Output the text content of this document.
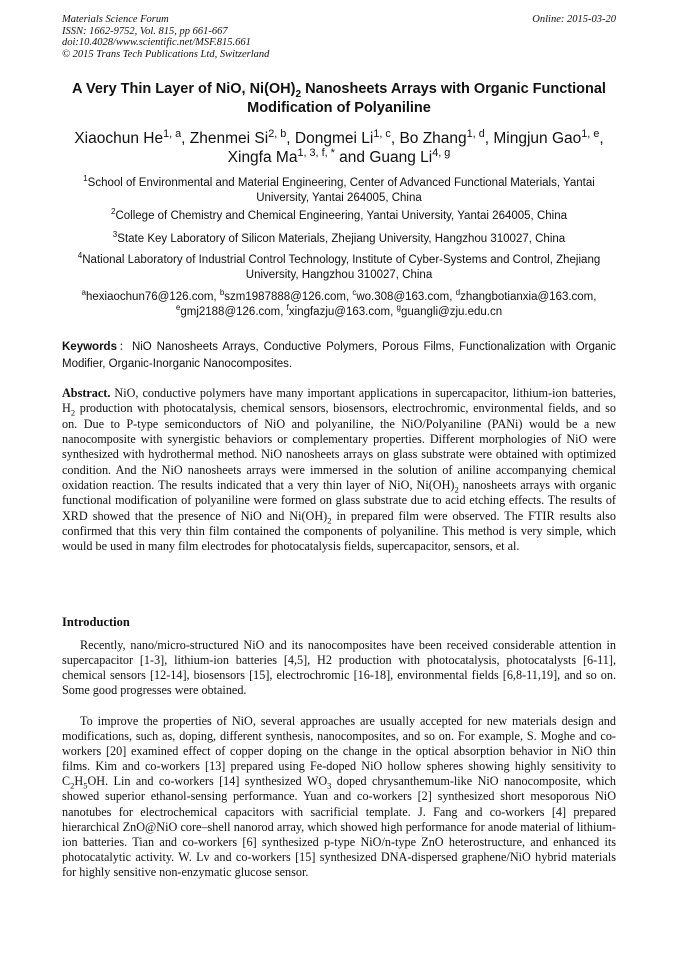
Materials Science Forum
ISSN: 1662-9752, Vol. 815, pp 661-667
doi:10.4028/www.scientific.net/MSF.815.661
© 2015 Trans Tech Publications Ltd, Switzerland
Online: 2015-03-20
A Very Thin Layer of NiO, $Ni(OH)_2$ Nanosheets Arrays with Organic Functional Modification of Polyaniline
Xiaochun He$^{1, a}$, Zhenmei Si$^{2, b}$, Dongmei Li$^{1, c}$, Bo Zhang$^{1, d}$, Mingjun Gao$^{1, e}$, Xingfa $Ma^{1, 3, f, *}$ and Guang Li$^{4, g}$
$^1$School of Environmental and Material Engineering, Center of Advanced Functional Materials, Yantai University, Yantai 264005, China
$^2$College of Chemistry and Chemical Engineering, Yantai University, Yantai 264005, China
$^3$State Key Laboratory of Silicon Materials, Zhejiang University, Hangzhou 310027, China
$^4$National Laboratory of Industrial Control Technology, Institute of Cyber-Systems and Control, Zhejiang University, Hangzhou 310027, China
$^a$hexiaochun76@126.com, $^b$szm1987888@126.com, $^c$wo.308@163.com, $^d$zhangbotianxia@163.com, $^e$gmj2188@126.com, $^f$xingfazju@163.com, $^g$guangli@zju.edu.cn
Keywords：NiO Nanosheets Arrays, Conductive Polymers, Porous Films, Functionalization with Organic Modifier, Organic-Inorganic Nanocomposites.
Abstract. NiO, conductive polymers have many important applications in supercapacitor, lithium-ion batteries, $H_2$ production with photocatalysis, chemical sensors, biosensors, electrochromic, environmental fields, and so on. Due to P-type semiconductors of NiO and polyaniline, the NiO/Polyaniline (PANi) would be a new nanocomposite with synergistic behaviors or complementary properties. Different morphologies of NiO were synthesized with hydrothermal method. NiO nanosheets arrays on glass substrate were obtained with optimized condition. And the NiO nanosheets arrays were immersed in the solution of aniline accompanying chemical oxidation reaction. The results indicated that a very thin layer of NiO, $Ni(OH)_2$ nanosheets arrays with organic functional modification of polyaniline were formed on glass substrate due to acid etching effects. The results of XRD showed that the presence of NiO and $Ni(OH)_2$ in prepared film were observed. The FTIR results also confirmed that this very thin film contained the components of polyaniline. This method is very simple, which would be used in many film electrodes for photocatalysis fields, supercapacitor, sensors, et al.
Introduction
Recently, nano/micro-structured NiO and its nanocomposites have been received considerable attention in supercapacitor [1-3], lithium-ion batteries [4,5], H2 production with photocatalysis, photocatalysts [6-11], chemical sensors [12-14], biosensors [15], electrochromic [16-18], environmental fields [6,8-11,19], and so on. Some good progresses were obtained.
To improve the properties of NiO, several approaches are usually accepted for new materials design and modifications, such as, doping, different synthesis, nanocomposites, and so on. For example, S. Moghe and co-workers [20] examined effect of copper doping on the change in the optical absorption behavior in NiO thin films. Kim and co-workers [13] prepared using Fe-doped NiO hollow spheres showing highly sensitivity to $C_2H_5OH$. Lin and co-workers [14] synthesized $WO_3$ doped chrysanthemum-like NiO nanocomposite, which showed superior ethanol-sensing performance. Yuan and co-workers [2] synthesized short mesoporous NiO nanotubes for electrochemical capacitors with sacrificial template. J. Fang and co-workers [4] prepared hierarchical ZnO@NiO core–shell nanorod array, which showed high performance for anode material of lithium-ion batteries. Tian and co-workers [6] synthesized p-type NiO/n-type ZnO heterostructure, and enhanced its photocatalytic activity. W. Lv and co-workers [15] synthesized DNA-dispersed graphene/NiO hybrid materials for highly sensitive non-enzymatic glucose sensor.
